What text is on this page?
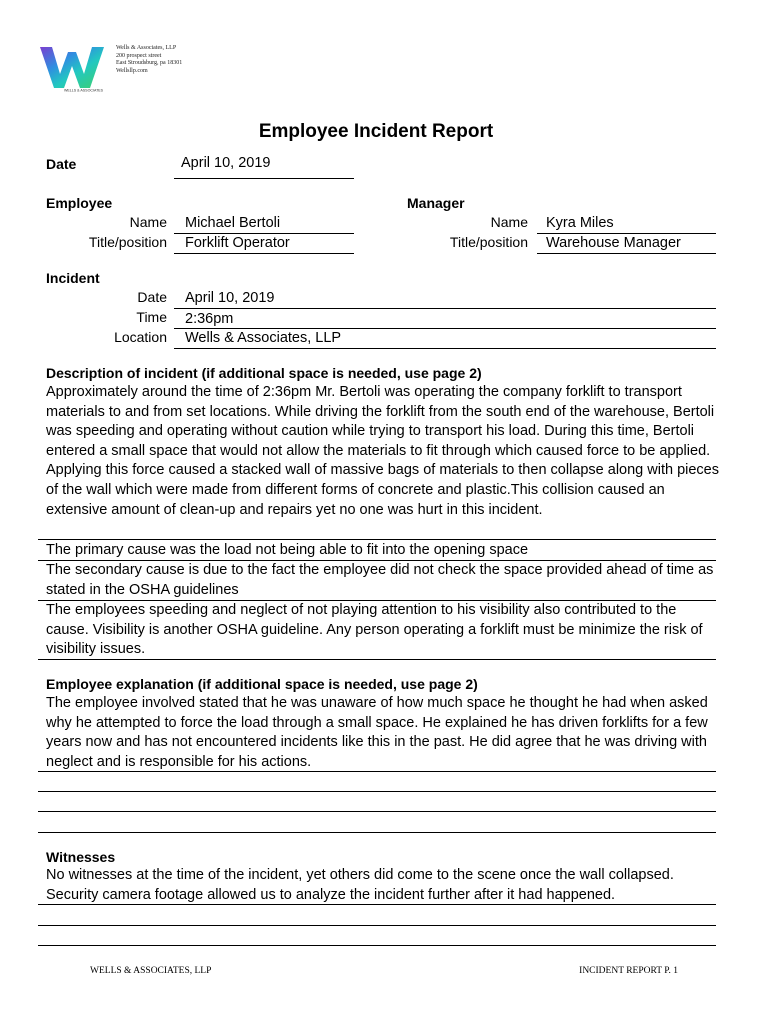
WELLS & ASSOCIATES
Wells & Associates, LLP
200 prospect street
East Stroudsburg, pa 18301
Wellsllp.com
Employee Incident Report
Date	April 10, 2019
Employee
Name Michael Bertoli
Title/position Forklift Operator
Manager
Name Kyra Miles
Title/position Warehouse Manager
Incident
Date April 10, 2019
Time 2:36pm
Location Wells & Associates, LLP
Description of incident (if additional space is needed, use page 2)
Approximately around the time of 2:36pm Mr. Bertoli was operating the company forklift to transport materials to and from set locations. While driving the forklift from the south end of the warehouse, Bertoli was speeding and operating without caution while trying to transport his load. During this time, Bertoli entered a small space that would not allow the materials to fit through which caused force to be applied. Applying this force caused a stacked wall of massive bags of materials to then collapse along with pieces of the wall which were made from different forms of concrete and plastic.This collision caused an extensive amount of clean-up and repairs yet no one was hurt in this incident.
The primary cause was the load not being able to fit into the opening space
The secondary cause is due to the fact the employee did not check the space provided ahead of time as stated in the OSHA guidelines
The employees speeding and neglect of not playing attention to his visibility also contributed to the cause. Visibility is another OSHA guideline. Any person operating a forklift must be minimize the risk of visibility issues.
Employee explanation (if additional space is needed, use page 2)
The employee involved stated that he was unaware of how much space he thought he had when asked why he attempted to force the load through a small space. He explained he has driven forklifts for a few years now and has not encountered incidents like this in the past. He did agree that he was driving with neglect and is responsible for his actions.
Witnesses
No witnesses at the time of the incident, yet others did come to the scene once the wall collapsed. Security camera footage allowed us to analyze the incident further after it had happened.
WELLS & ASSOCIATES, LLP	INCIDENT REPORT P. 1
